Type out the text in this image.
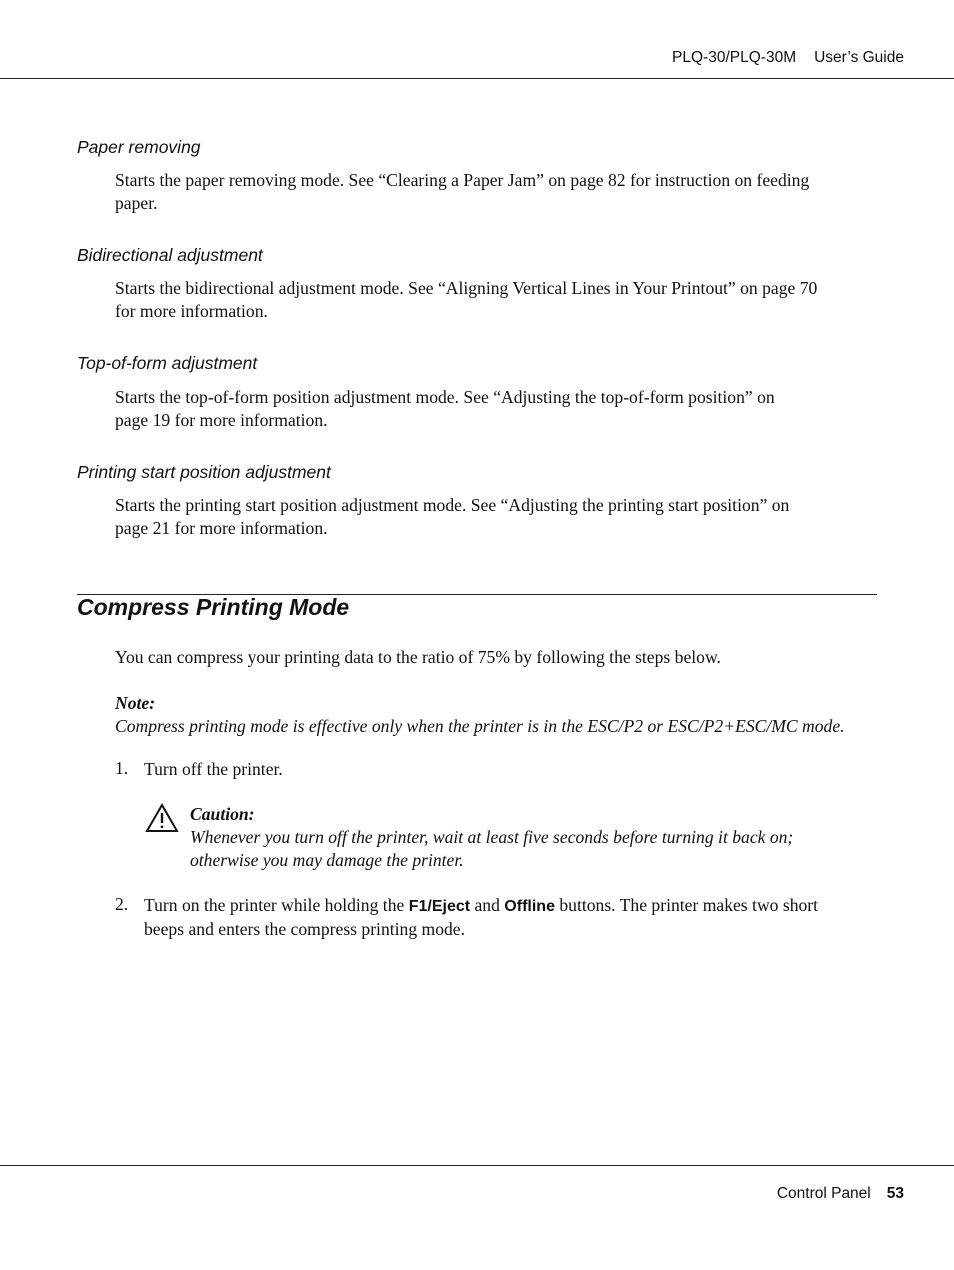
PLQ-30/PLQ-30M User’s Guide
Paper removing
Starts the paper removing mode. See “Clearing a Paper Jam” on page 82 for instruction on feeding
paper.
Bidirectional adjustment
Starts the bidirectional adjustment mode. See “Aligning Vertical Lines in Your Printout” on page 70
for more information.
Top-of-form adjustment
Starts the top-of-form position adjustment mode. See “Adjusting the top-of-form position” on
page 19 for more information.
Printing start position adjustment
Starts the printing start position adjustment mode. See “Adjusting the printing start position” on
page 21 for more information.
Compress Printing Mode
You can compress your printing data to the ratio of 75% by following the steps below.
Note:
Compress printing mode is effective only when the printer is in the ESC/P2 or ESC/P2+ESC/MC mode.
1. Turn off the printer.
Caution:
Whenever you turn off the printer, wait at least five seconds before turning it back on;
otherwise you may damage the printer.
2. Turn on the printer while holding the F1/Eject and Offline buttons. The printer makes two short
beeps and enters the compress printing mode.
Control Panel 53
